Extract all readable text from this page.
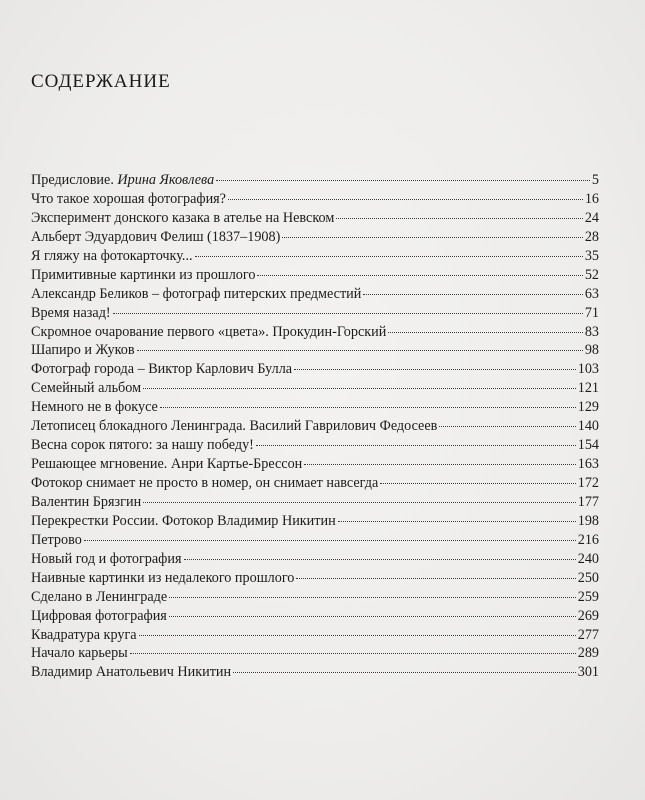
СОДЕРЖАНИЕ
Предисловие. Ирина Яковлева	5
Что такое хорошая фотография?	16
Эксперимент донского казака в ателье на Невском	24
Альберт Эдуардович Фелиш (1837–1908)	28
Я гляжу на фотокарточку...	35
Примитивные картинки из прошлого	52
Александр Беликов – фотограф питерских предместий	63
Время назад!	71
Скромное очарование первого «цвета». Прокудин-Горский	83
Шапиро и Жуков	98
Фотограф города – Виктор Карлович Булла	103
Семейный альбом	121
Немного не в фокусе	129
Летописец блокадного Ленинграда. Василий Гаврилович Федосеев	140
Весна сорок пятого: за нашу победу!	154
Решающее мгновение. Анри Картье-Брессон	163
Фотокор снимает не просто в номер, он снимает навсегда	172
Валентин Брязгин	177
Перекрестки России. Фотокор Владимир Никитин	198
Петрово	216
Новый год и фотография	240
Наивные картинки из недалекого прошлого	250
Сделано в Ленинграде	259
Цифровая фотография	269
Квадратура круга	277
Начало карьеры	289
Владимир Анатольевич Никитин	301
